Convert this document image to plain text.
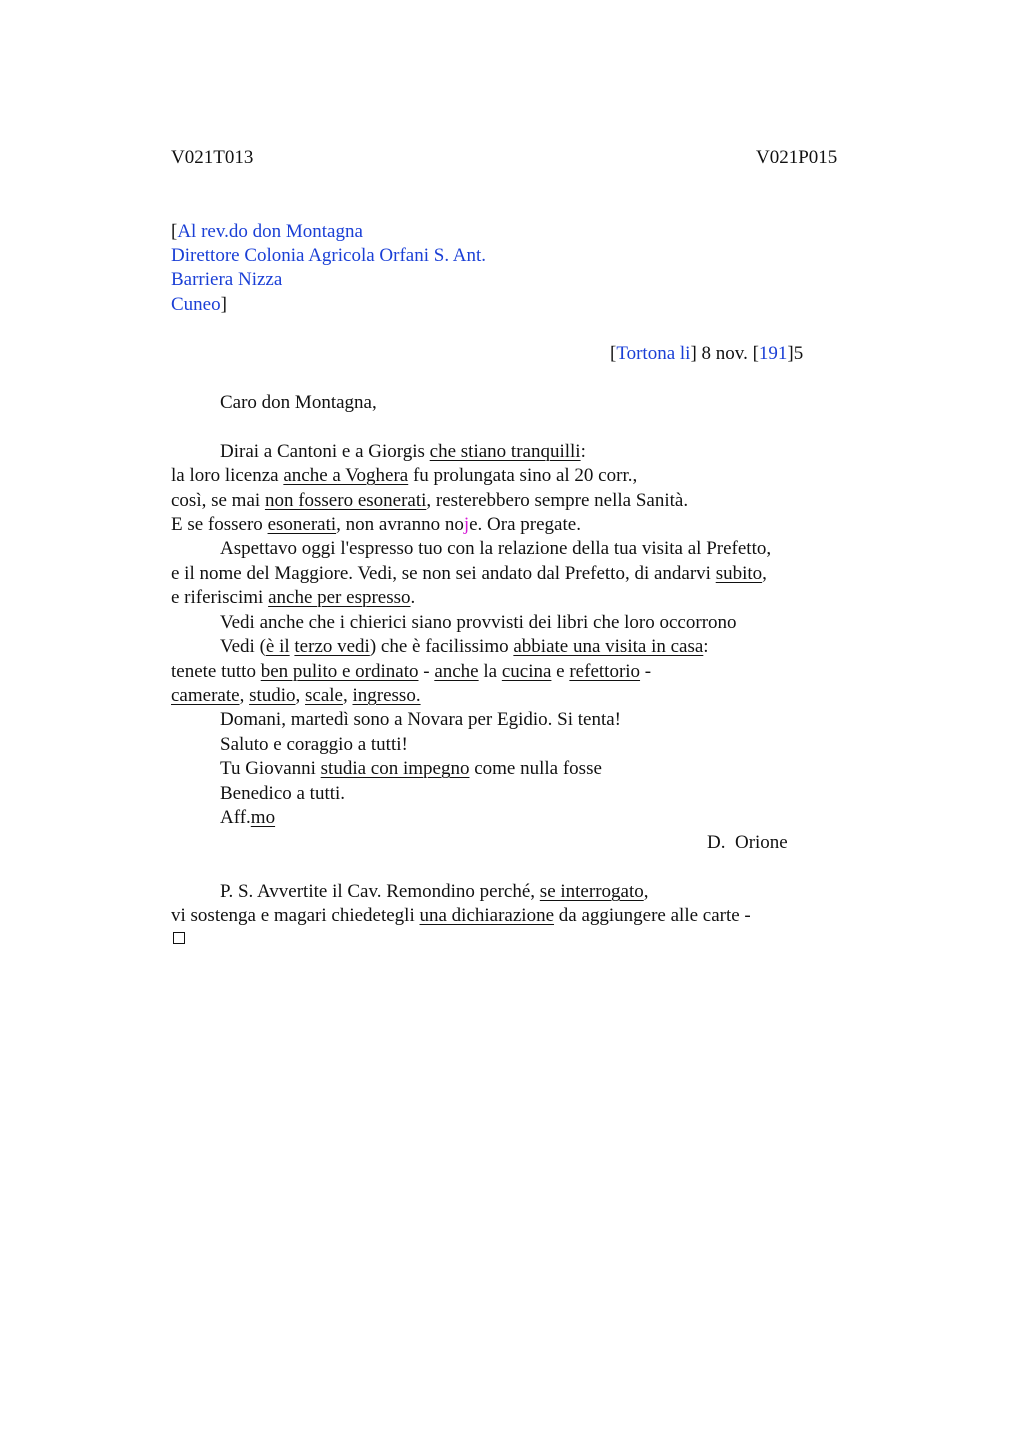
V021T013	V021P015
[Al rev.do don Montagna
Direttore Colonia Agricola Orfani S. Ant.
Barriera Nizza
Cuneo]
[Tortona li] 8 nov. [191]5
Caro don Montagna,
Dirai a Cantoni e a Giorgis che stiano tranquilli:
la loro licenza anche a Voghera fu prolungata sino al 20 corr.,
così, se mai non fossero esonerati, resterebbero sempre nella Sanità.
E se fossero esonerati, non avranno noje. Ora pregate.
Aspettavo oggi l'espresso tuo con la relazione della tua visita al Prefetto,
e il nome del Maggiore. Vedi, se non sei andato dal Prefetto, di andarvi subito,
e riferiscimi anche per espresso.
Vedi anche che i chierici siano provvisti dei libri che loro occorrono
Vedi (è il terzo vedi) che è facilissimo abbiate una visita in casa:
tenete tutto ben pulito e ordinato - anche la cucina e refettorio -
camerate, studio, scale, ingresso.
Domani, martedì sono a Novara per Egidio. Si tenta!
Saluto e coraggio a tutti!
Tu Giovanni studia con impegno come nulla fosse
Benedico a tutti.
Aff.mo
D.  Orione
P. S. Avvertite il Cav. Remondino perché, se interrogato,
vi sostenga e magari chiedetegli una dichiarazione da aggiungere alle carte -
